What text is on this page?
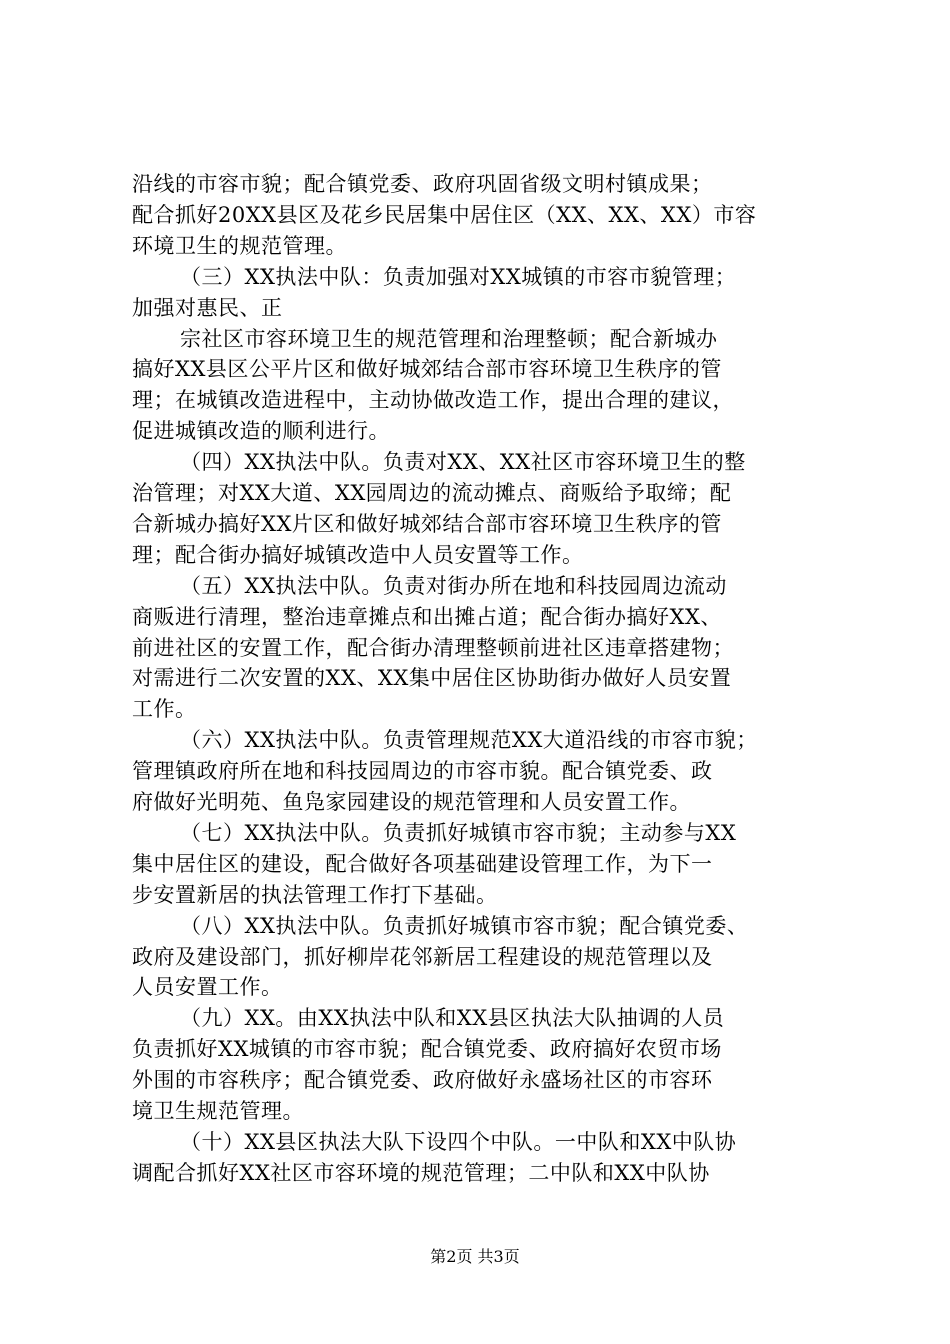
沿线的市容市貌；配合镇党委、政府巩固省级文明村镇成果；
配合抓好20XX县区及花乡民居集中居住区（XX、XX、XX）市容
环境卫生的规范管理。
（三）XX执法中队：负责加强对XX城镇的市容市貌管理；
加强对惠民、正
宗社区市容环境卫生的规范管理和治理整顿；配合新城办
搞好XX县区公平片区和做好城郊结合部市容环境卫生秩序的管
理；在城镇改造进程中，主动协做改造工作，提出合理的建议，
促进城镇改造的顺利进行。
（四）XX执法中队。负责对XX、XX社区市容环境卫生的整
治管理；对XX大道、XX园周边的流动摊点、商贩给予取缔；配
合新城办搞好XX片区和做好城郊结合部市容环境卫生秩序的管
理；配合街办搞好城镇改造中人员安置等工作。
（五）XX执法中队。负责对街办所在地和科技园周边流动
商贩进行清理，整治违章摊点和出摊占道；配合街办搞好XX、
前进社区的安置工作，配合街办清理整顿前进社区违章搭建物；
对需进行二次安置的XX、XX集中居住区协助街办做好人员安置
工作。
（六）XX执法中队。负责管理规范XX大道沿线的市容市貌；
管理镇政府所在地和科技园周边的市容市貌。配合镇党委、政
府做好光明苑、鱼凫家园建设的规范管理和人员安置工作。
（七）XX执法中队。负责抓好城镇市容市貌；主动参与XX
集中居住区的建设，配合做好各项基础建设管理工作，为下一
步安置新居的执法管理工作打下基础。
（八）XX执法中队。负责抓好城镇市容市貌；配合镇党委、
政府及建设部门，抓好柳岸花邻新居工程建设的规范管理以及
人员安置工作。
（九）XX。由XX执法中队和XX县区执法大队抽调的人员
负责抓好XX城镇的市容市貌；配合镇党委、政府搞好农贸市场
外围的市容秩序；配合镇党委、政府做好永盛场社区的市容环
境卫生规范管理。
（十）XX县区执法大队下设四个中队。一中队和XX中队协
调配合抓好XX社区市容环境的规范管理；二中队和XX中队协
第2页 共3页
